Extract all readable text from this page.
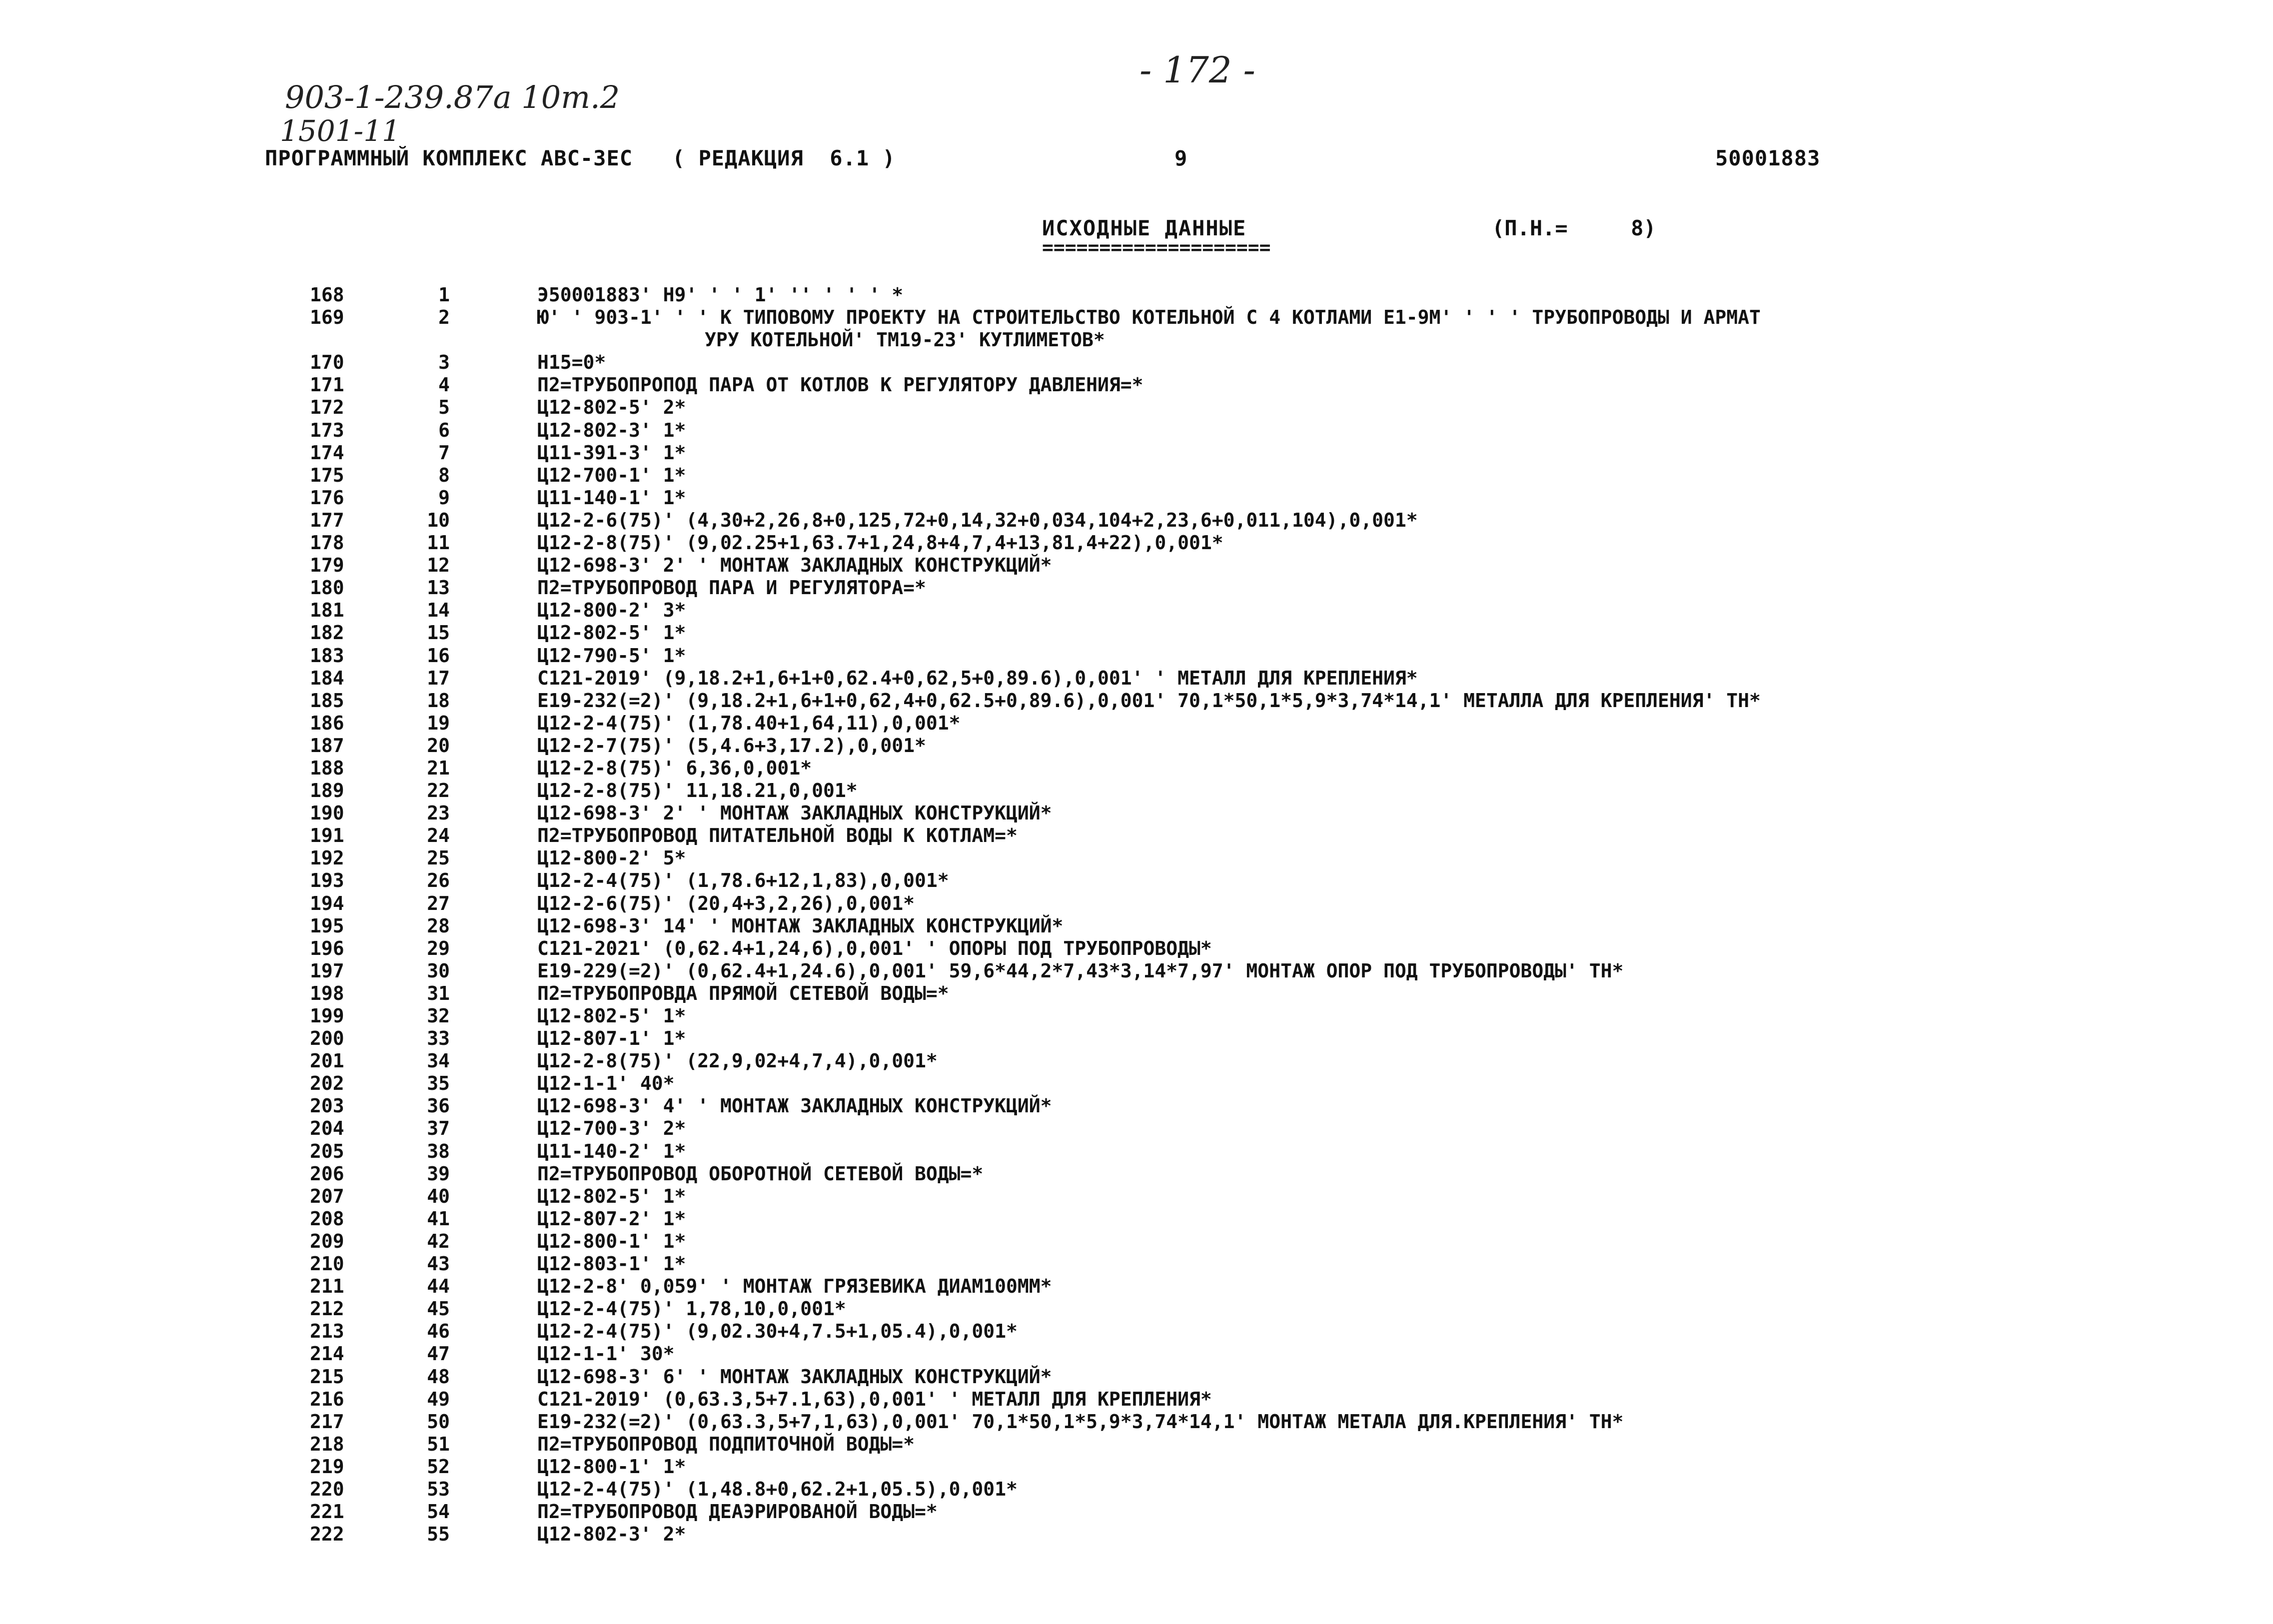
903-1-239.87а 10т.2
1501-11
- 172 -
ПРОГРАММНЫЙ КОМПЛЕКС АВС-3ЕС   ( РЕДАКЦИЯ  6.1 )	9	50001883
ИСХОДНЫЕ ДАННЫЕ
====================
(П.Н.=     8)
168	1	Э50001883' Н9' ' ' 1' '' ' ' ' *
169	2	Ю' ' 903-1' ' ' К ТИПОВОМУ ПРОЕКТУ НА СТРОИТЕЛЬСТВО КОТЕЛЬНОЙ С 4 КОТЛАМИ Е1-9М' ' ' ' ТРУБОПРОВОДЫ И АРМАТ
УРУ КОТЕЛЬНОЙ' ТМ19-23' КУТЛИМЕТОВ*
170	3	Н15=0*
171	4	П2=ТРУБОПРОПОД ПАРА ОТ КОТЛОВ К РЕГУЛЯТОРУ ДАВЛЕНИЯ=*
172	5	Ц12-802-5' 2*
173	6	Ц12-802-3' 1*
174	7	Ц11-391-3' 1*
175	8	Ц12-700-1' 1*
176	9	Ц11-140-1' 1*
177	10	Ц12-2-6(75)' (4,30+2,26,8+0,125,72+0,14,32+0,034,104+2,23,6+0,011,104),0,001*
178	11	Ц12-2-8(75)' (9,02.25+1,63.7+1,24,8+4,7,4+13,81,4+22),0,001*
179	12	Ц12-698-3' 2' ' МОНТАЖ ЗАКЛАДНЫХ КОНСТРУКЦИЙ*
180	13	П2=ТРУБОПРОВОД ПАРА И РЕГУЛЯТОРА=*
181	14	Ц12-800-2' 3*
182	15	Ц12-802-5' 1*
183	16	Ц12-790-5' 1*
184	17	С121-2019' (9,18.2+1,6+1+0,62.4+0,62,5+0,89.6),0,001' ' МЕТАЛЛ ДЛЯ КРЕПЛЕНИЯ*
185	18	Е19-232(=2)' (9,18.2+1,6+1+0,62,4+0,62.5+0,89.6),0,001' 70,1*50,1*5,9*3,74*14,1' МЕТАЛЛА ДЛЯ КРЕПЛЕНИЯ' ТН*
186	19	Ц12-2-4(75)' (1,78.40+1,64,11),0,001*
187	20	Ц12-2-7(75)' (5,4.6+3,17.2),0,001*
188	21	Ц12-2-8(75)' 6,36,0,001*
189	22	Ц12-2-8(75)' 11,18.21,0,001*
190	23	Ц12-698-3' 2' ' МОНТАЖ ЗАКЛАДНЫХ КОНСТРУКЦИЙ*
191	24	П2=ТРУБОПРОВОД ПИТАТЕЛЬНОЙ ВОДЫ К КОТЛАМ=*
192	25	Ц12-800-2' 5*
193	26	Ц12-2-4(75)' (1,78.6+12,1,83),0,001*
194	27	Ц12-2-6(75)' (20,4+3,2,26),0,001*
195	28	Ц12-698-3' 14' ' МОНТАЖ ЗАКЛАДНЫХ КОНСТРУКЦИЙ*
196	29	С121-2021' (0,62.4+1,24,6),0,001' ' ОПОРЫ ПОД ТРУБОПРОВОДЫ*
197	30	Е19-229(=2)' (0,62.4+1,24.6),0,001' 59,6*44,2*7,43*3,14*7,97' МОНТАЖ ОПОР ПОД ТРУБОПРОВОДЫ' ТН*
198	31	П2=ТРУБОПРОВДА ПРЯМОЙ СЕТЕВОЙ ВОДЫ=*
199	32	Ц12-802-5' 1*
200	33	Ц12-807-1' 1*
201	34	Ц12-2-8(75)' (22,9,02+4,7,4),0,001*
202	35	Ц12-1-1' 40*
203	36	Ц12-698-3' 4' ' МОНТАЖ ЗАКЛАДНЫХ КОНСТРУКЦИЙ*
204	37	Ц12-700-3' 2*
205	38	Ц11-140-2' 1*
206	39	П2=ТРУБОПРОВОД ОБОРОТНОЙ СЕТЕВОЙ ВОДЫ=*
207	40	Ц12-802-5' 1*
208	41	Ц12-807-2' 1*
209	42	Ц12-800-1' 1*
210	43	Ц12-803-1' 1*
211	44	Ц12-2-8' 0,059' ' МОНТАЖ ГРЯЗЕВИКА ДИАМ100ММ*
212	45	Ц12-2-4(75)' 1,78,10,0,001*
213	46	Ц12-2-4(75)' (9,02.30+4,7.5+1,05.4),0,001*
214	47	Ц12-1-1' 30*
215	48	Ц12-698-3' 6' ' МОНТАЖ ЗАКЛАДНЫХ КОНСТРУКЦИЙ*
216	49	С121-2019' (0,63.3,5+7.1,63),0,001' ' МЕТАЛЛ ДЛЯ КРЕПЛЕНИЯ*
217	50	Е19-232(=2)' (0,63.3,5+7,1,63),0,001' 70,1*50,1*5,9*3,74*14,1' МОНТАЖ МЕТАЛА ДЛЯ.КРЕПЛЕНИЯ' ТН*
218	51	П2=ТРУБОПРОВОД ПОДПИТОЧНОЙ ВОДЫ=*
219	52	Ц12-800-1' 1*
220	53	Ц12-2-4(75)' (1,48.8+0,62.2+1,05.5),0,001*
221	54	П2=ТРУБОПРОВОД ДЕАЭРИРОВАНОЙ ВОДЫ=*
222	55	Ц12-802-3' 2*
